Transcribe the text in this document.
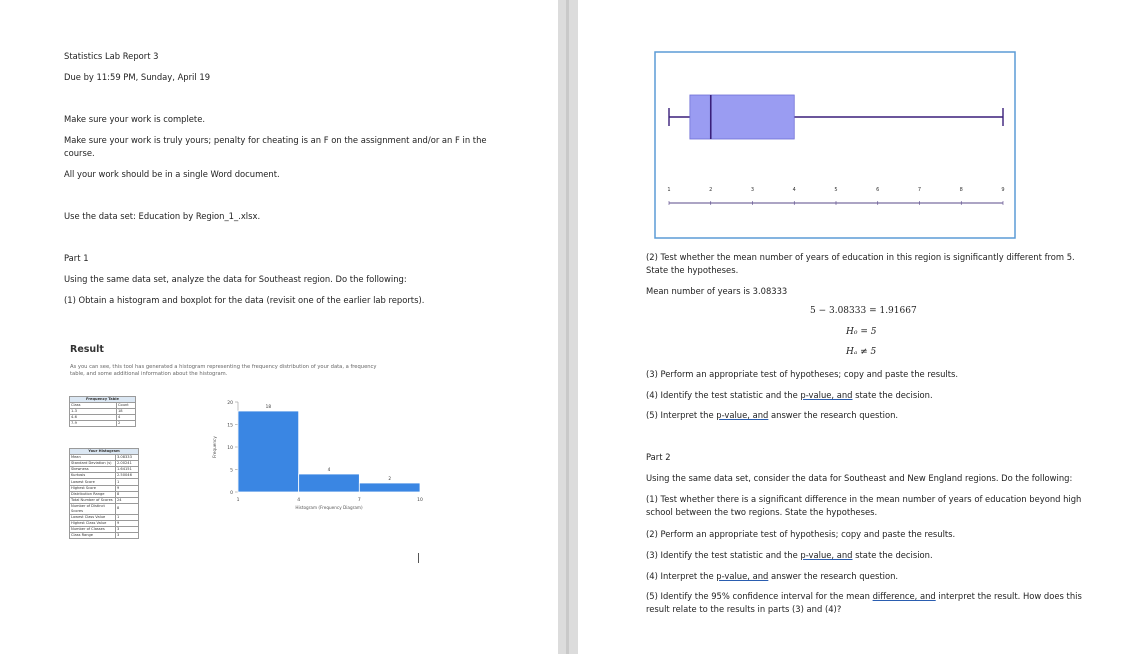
Statistics Lab Report 3
Due by 11:59 PM, Sunday, April 19
Make sure your work is complete.
Make sure your work is truly yours; penalty for cheating is an F on the assignment and/or an F in the
course.
All your work should be in a single Word document.
Use the data set: Education by Region_1_.xlsx.
Part 1
Using the same data set, analyze the data for Southeast region. Do the following:
(1) Obtain a histogram and boxplot for the data (revisit one of the earlier lab reports).
Result
As you can see, this tool has generated a histogram representing the frequency distribution of your data, a frequency table, and some additional information about the histogram.
Frequency Table	
Class	Count
1-3	18
4-6	4
7-9	2
Your Histogram	
Mean	3.08333
Standard Deviation (s)	2.00241
Skewness	1.64151
Kurtosis	2.50046
Lowest Score	1
Highest Score	9
Distribution Range	8
Total Number of Scores	24
Number of Distinct Scores	8
Lowest Class Value	1
Highest Class Value	9
Number of Classes	3
Class Range	3
0
5
10
15
20
Frequency
18
4
2
1	4	7	10
Histogram (Frequency Diagram)
1	2	3	4	5	6	7	8	9
(2) Test whether the mean number of years of education in this region is significantly different from 5.
State the hypotheses.
Mean number of years is 3.08333
5 − 3.08333 = 1.91667
H₀ = 5
Hₐ ≠ 5
(3) Perform an appropriate test of hypotheses; copy and paste the results.
(4) Identify the test statistic and the p-value, and state the decision.
(5) Interpret the p-value, and answer the research question.
Part 2
Using the same data set, consider the data for Southeast and New England regions. Do the following:
(1) Test whether there is a significant difference in the mean number of years of education beyond high
school between the two regions. State the hypotheses.
(2) Perform an appropriate test of hypothesis; copy and paste the results.
(3) Identify the test statistic and the p-value, and state the decision.
(4) Interpret the p-value, and answer the research question.
(5) Identify the 95% confidence interval for the mean difference, and interpret the result. How does this
result relate to the results in parts (3) and (4)?
